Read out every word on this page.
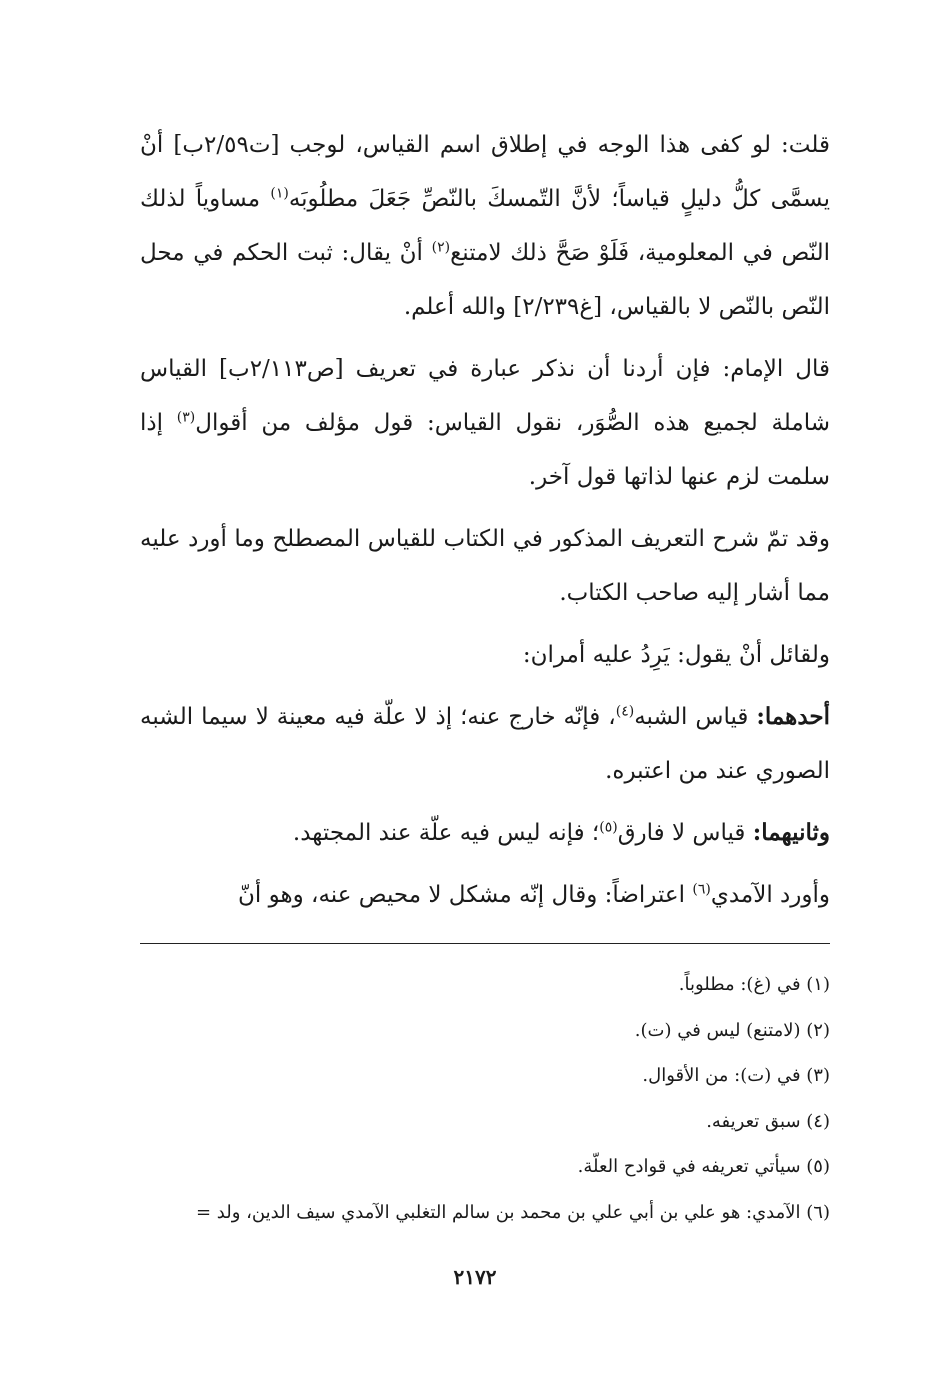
قلت: لو كفى هذا الوجه في إطلاق اسم القياس، لوجب [ت٢/٥٩ب] أنْ يسمَّى كلُّ دليلٍ قياساً؛ لأنَّ التّمسكَ بالنّصِّ جَعَلَ مطلُوبَه$^{(١)}$ مساوياً لذلك النّص في المعلومية، فَلَوْ صَحَّ ذلك لامتنع$^{(٢)}$ أنْ يقال: ثبت الحكم في محل النّص بالنّص لا بالقياس، [غ٢/٢٣٩] والله أعلم.

قال الإمام: فإن أردنا أن نذكر عبارة في تعريف [ص٢/١١٣ب] القياس شاملة لجميع هذه الصُّوَر، نقول القياس: قول مؤلف من أقوال$^{(٣)}$ إذا سلمت لزم عنها لذاتها قول آخر.

وقد تمّ شرح التعريف المذكور في الكتاب للقياس المصطلح وما أورد عليه مما أشار إليه صاحب الكتاب.

ولقائل أنْ يقول: يَرِدُ عليه أمران:

أحدهما: قياس الشبه$^{(٤)}$، فإنّه خارج عنه؛ إذ لا علّة فيه معينة لا سيما الشبه الصوري عند من اعتبره.

وثانيهما: قياس لا فارق$^{(٥)}$؛ فإنه ليس فيه علّة عند المجتهد.

وأورد الآمدي$^{(٦)}$ اعتراضاً: وقال إنّه مشكل لا محيص عنه، وهو أنّ

(١) في (غ): مطلوباً.

(٢) (لامتنع) ليس في (ت).

(٣) في (ت): من الأقوال.

(٤) سبق تعريفه.

(٥) سيأتي تعريفه في قوادح العلّة.

(٦) الآمدي: هو علي بن أبي علي بن محمد بن سالم التغلبي الآمدي سيف الدين، ولد =

٢١٧٢
